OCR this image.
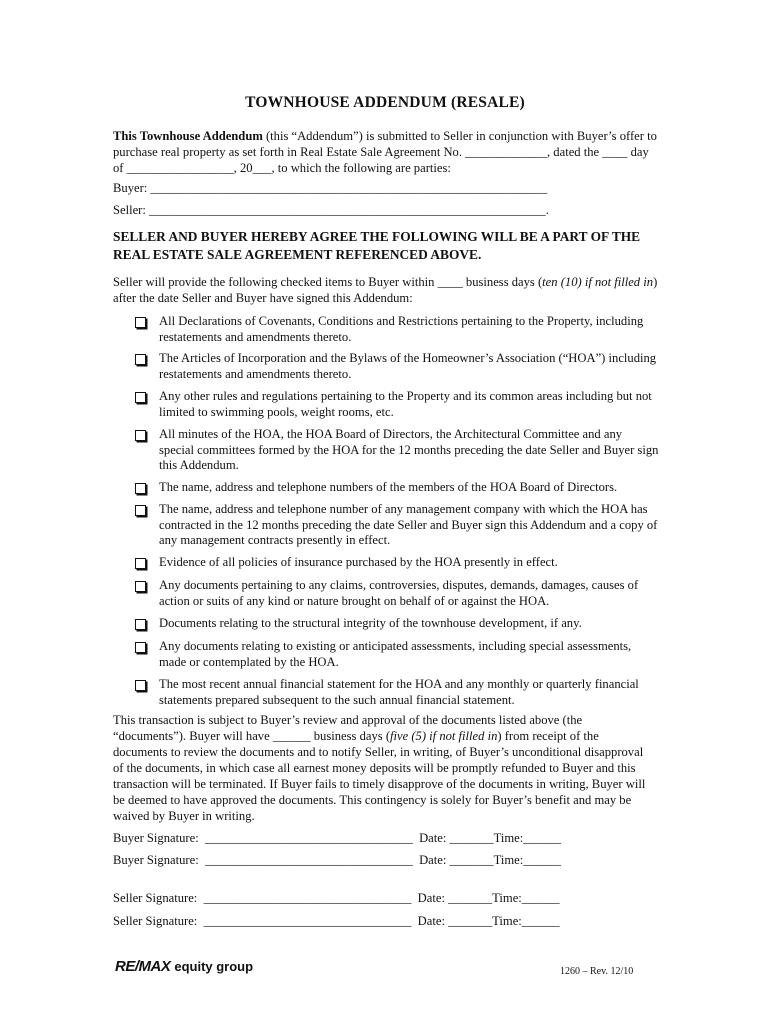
TOWNHOUSE ADDENDUM (RESALE)
This Townhouse Addendum (this “Addendum”) is submitted to Seller in conjunction with Buyer’s offer to purchase real property as set forth in Real Estate Sale Agreement No. _____________, dated the ____ day of _________________, 20___, to which the following are parties:
Buyer: _______________________________________________________________
Seller: _______________________________________________________________.
SELLER AND BUYER HEREBY AGREE THE FOLLOWING WILL BE A PART OF THE REAL ESTATE SALE AGREEMENT REFERENCED ABOVE.
Seller will provide the following checked items to Buyer within ____ business days (ten (10) if not filled in) after the date Seller and Buyer have signed this Addendum:
All Declarations of Covenants, Conditions and Restrictions pertaining to the Property, including restatements and amendments thereto.
The Articles of Incorporation and the Bylaws of the Homeowner’s Association (“HOA”) including restatements and amendments thereto.
Any other rules and regulations pertaining to the Property and its common areas including but not limited to swimming pools, weight rooms, etc.
All minutes of the HOA, the HOA Board of Directors, the Architectural Committee and any special committees formed by the HOA for the 12 months preceding the date Seller and Buyer sign this Addendum.
The name, address and telephone numbers of the members of the HOA Board of Directors.
The name, address and telephone number of any management company with which the HOA has contracted in the 12 months preceding the date Seller and Buyer sign this Addendum and a copy of any management contracts presently in effect.
Evidence of all policies of insurance purchased by the HOA presently in effect.
Any documents pertaining to any claims, controversies, disputes, demands, damages, causes of action or suits of any kind or nature brought on behalf of or against the HOA.
Documents relating to the structural integrity of the townhouse development, if any.
Any documents relating to existing or anticipated assessments, including special assessments, made or contemplated by the HOA.
The most recent annual financial statement for the HOA and any monthly or quarterly financial statements prepared subsequent to the such annual financial statement.
This transaction is subject to Buyer’s review and approval of the documents listed above (the “documents”). Buyer will have ______ business days (five (5) if not filled in) from receipt of the documents to review the documents and to notify Seller, in writing, of Buyer’s unconditional disapproval of the documents, in which case all earnest money deposits will be promptly refunded to Buyer and this transaction will be terminated. If Buyer fails to timely disapprove of the documents in writing, Buyer will be deemed to have approved the documents. This contingency is solely for Buyer’s benefit and may be waived by Buyer in writing.
Buyer Signature:  _________________________________  Date: _______Time:______
Buyer Signature:  _________________________________  Date: _______Time:______
Seller Signature:  _________________________________  Date: _______Time:______
Seller Signature:  _________________________________  Date: _______Time:______
RE/MAX equity group	1260 – Rev. 12/10
